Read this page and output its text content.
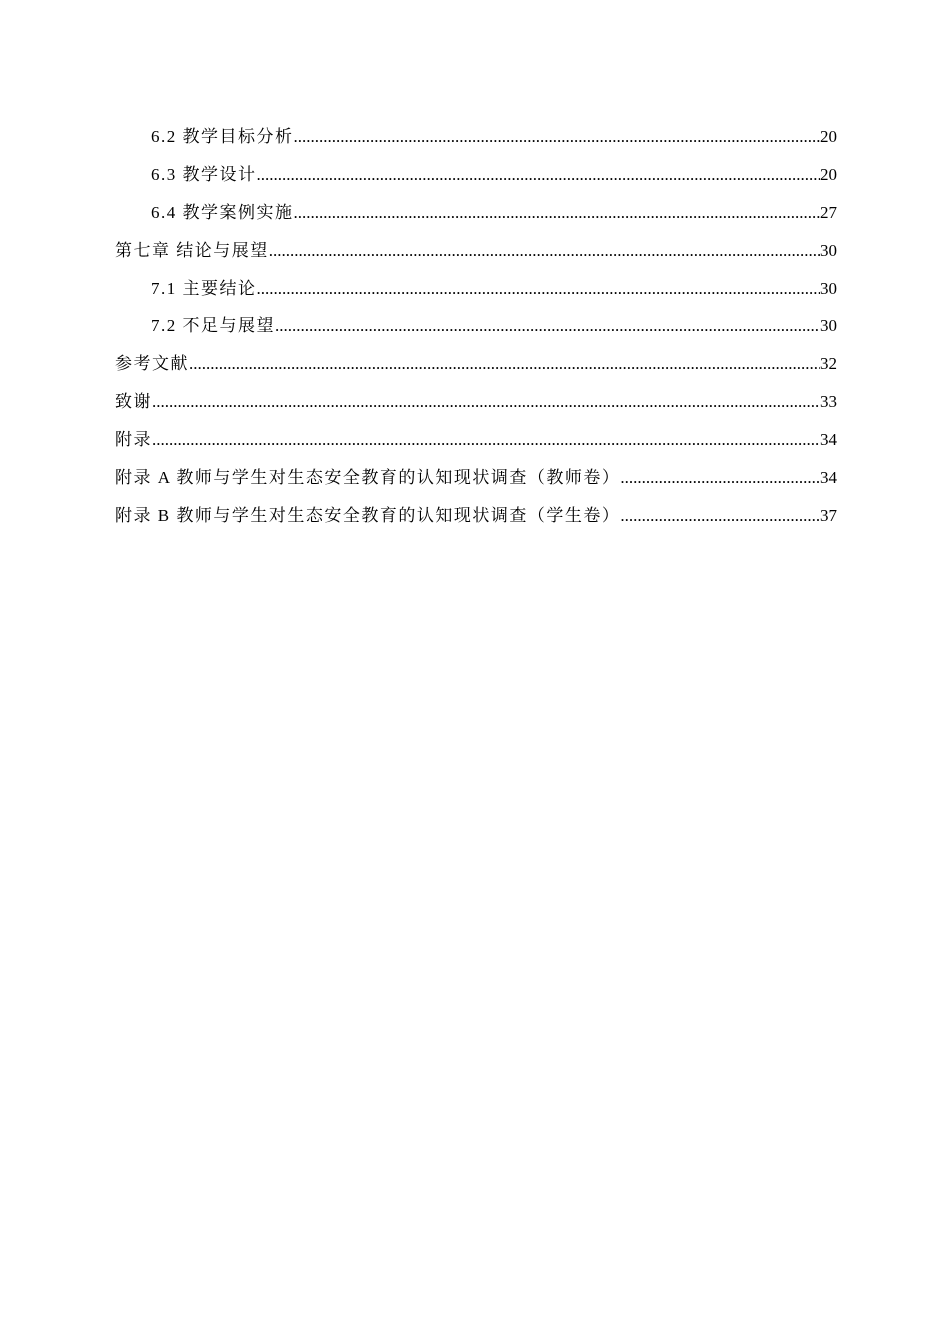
6.2 教学目标分析 .....	20
6.3 教学设计 .....	20
6.4 教学案例实施 .....	27
第七章 结论与展望 .....	30
7.1 主要结论 .....	30
7.2 不足与展望 .....	30
参考文献 .....	32
致谢 .....	33
附录 .....	34
附录 A 教师与学生对生态安全教育的认知现状调查（教师卷） .....	34
附录 B 教师与学生对生态安全教育的认知现状调查（学生卷） .....	37
